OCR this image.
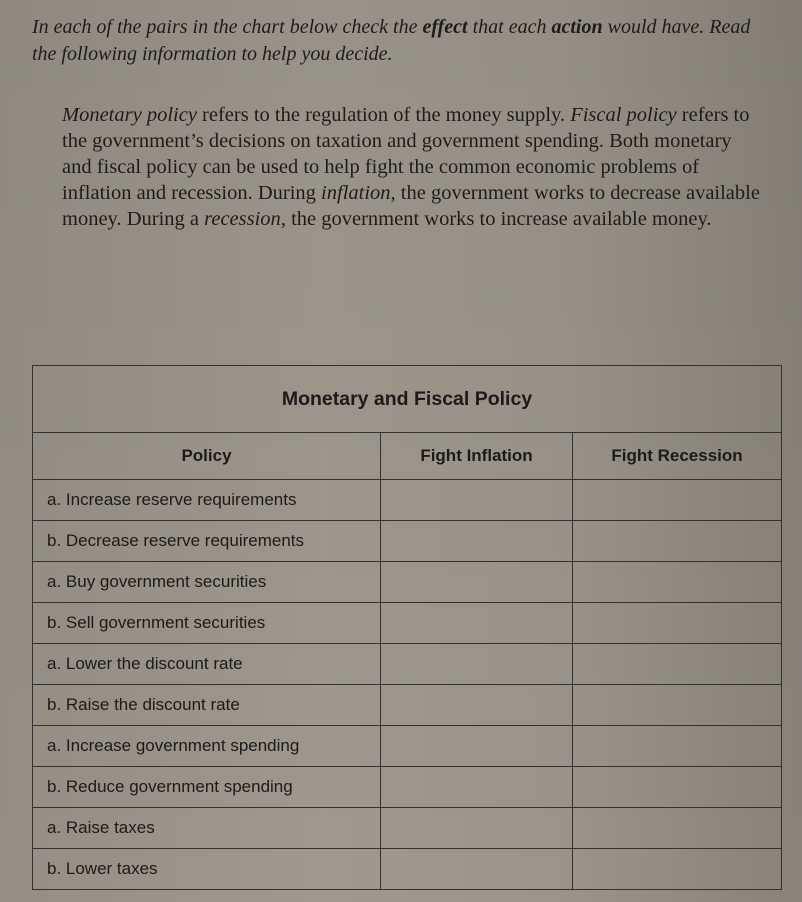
In each of the pairs in the chart below check the effect that each action would have. Read the following information to help you decide.

Monetary policy refers to the regulation of the money supply. Fiscal policy refers to the government’s decisions on taxation and government spending. Both monetary and fiscal policy can be used to help fight the common economic problems of inflation and recession. During inflation, the government works to decrease available money. During a recession, the government works to increase available money.

Monetary and Fiscal Policy		
Policy	Fight Inflation	Fight Recession
a. Increase reserve requirements		
b. Decrease reserve requirements		
a. Buy government securities		
b. Sell government securities		
a. Lower the discount rate		
b. Raise the discount rate		
a. Increase government spending		
b. Reduce government spending		
a. Raise taxes		
b. Lower taxes		
